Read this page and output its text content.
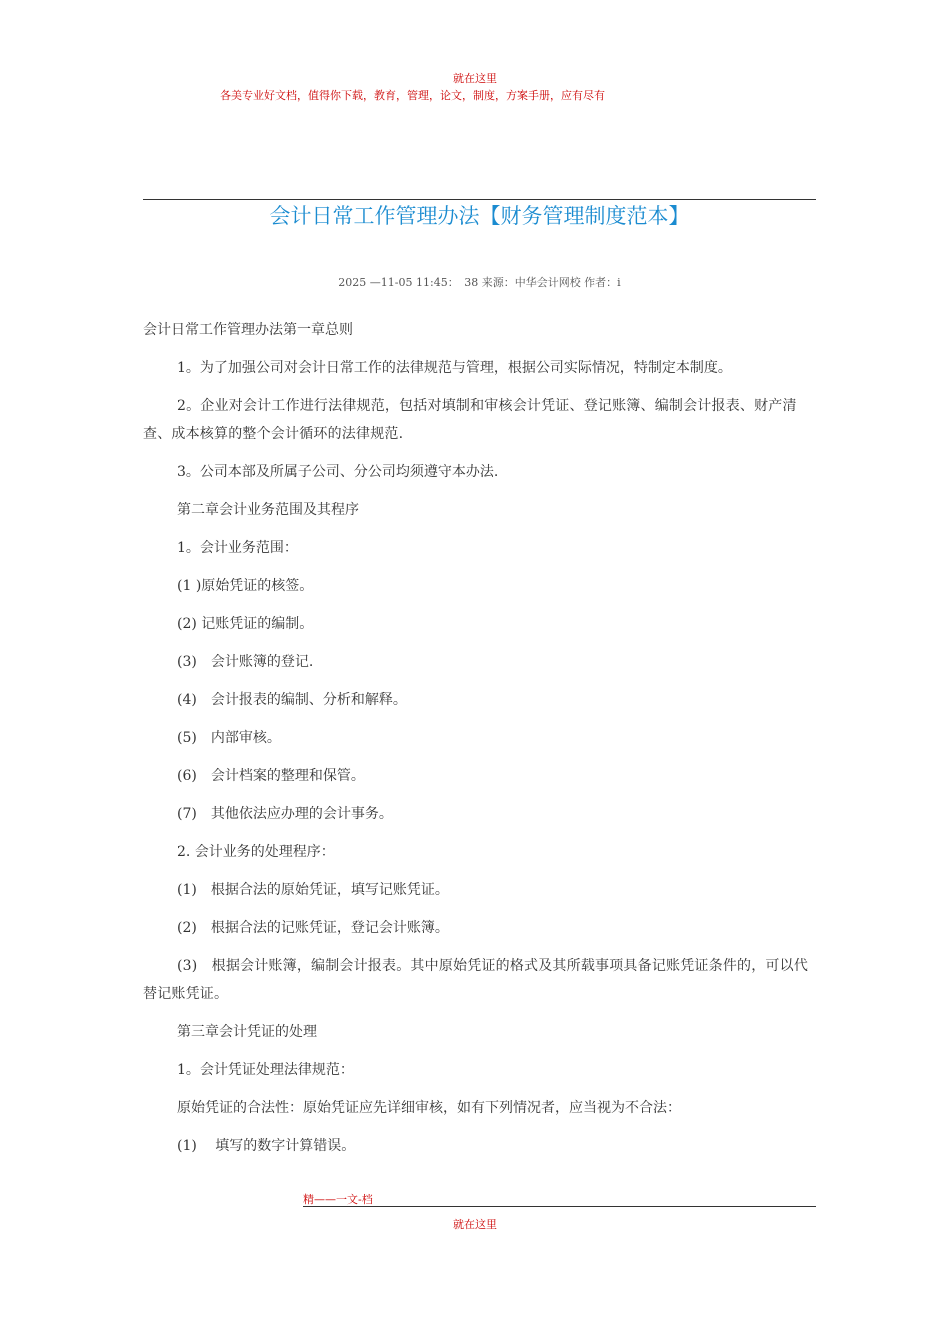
就在这里
各美专业好文档，值得你下载，教育，管理，论文，制度，方案手册，应有尽有
会计日常工作管理办法【财务管理制度范本】
2025 —11-05 11:45：　38 来源：中华会计网校 作者：i

会计日常工作管理办法第一章总则

1。为了加强公司对会计日常工作的法律规范与管理，根据公司实际情况，特制定本制度。

2。企业对会计工作进行法律规范，包括对填制和审核会计凭证、登记账簿、编制会计报表、财产清查、成本核算的整个会计循环的法律规范.

3。公司本部及所属子公司、分公司均须遵守本办法.

第二章会计业务范围及其程序

1。会计业务范围：

(1 )原始凭证的核签。

(2) 记账凭证的编制。

(3)　会计账簿的登记.

(4)　会计报表的编制、分析和解释。

(5)　内部审核。

(6)　会计档案的整理和保管。

(7)　其他依法应办理的会计事务。

2. 会计业务的处理程序：

(1)　根据合法的原始凭证，填写记账凭证。

(2)　根据合法的记账凭证，登记会计账簿。

(3)　根据会计账簿，编制会计报表。其中原始凭证的格式及其所载事项具备记账凭证条件的，可以代替记账凭证。

第三章会计凭证的处理

1。会计凭证处理法律规范：

原始凭证的合法性：原始凭证应先详细审核，如有下列情况者，应当视为不合法：

(1)　 填写的数字计算错误。

精——一文-档
就在这里
